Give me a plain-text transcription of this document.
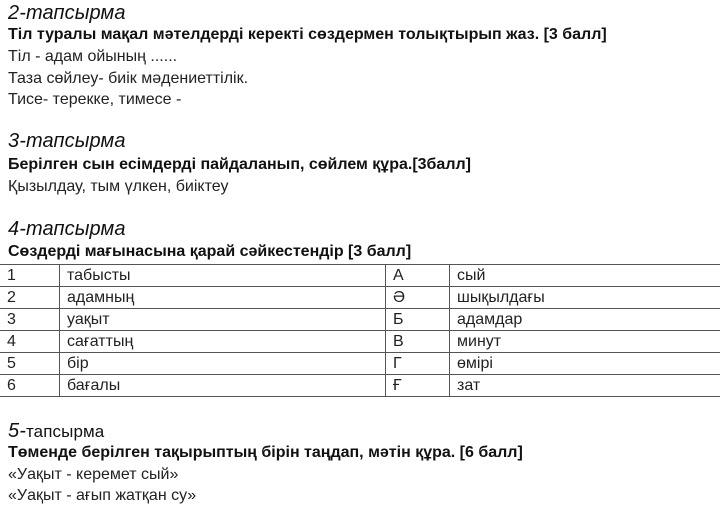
2-тапсырма
Тіл туралы мақал мәтелдерді керекті сөздермен толықтырып жаз. [3 балл]
Тіл - адам ойының ......
Таза сөйлеу- биік мәдениеттілік.
Тисе- терекке, тимесе -
3-тапсырма
Берілген сын есімдерді пайдаланып, сөйлем құра.[3балл]
Қызылдау, тым үлкен, биіктеу
4-тапсырма
Сөздерді мағынасына қарай сәйкестендір [3 балл]
1	табысты	А	сый
2	адамның	Ә	шықылдағы
3	уақыт	Б	адамдар
4	сағаттың	В	минут
5	бір	Г	өмірі
6	бағалы	Ғ	зат
5-тапсырма
Төменде берілген тақырыптың бірін таңдап, мәтін құра. [6 балл]
«Уақыт - керемет сый»
«Уақыт - ағып жатқан су»
